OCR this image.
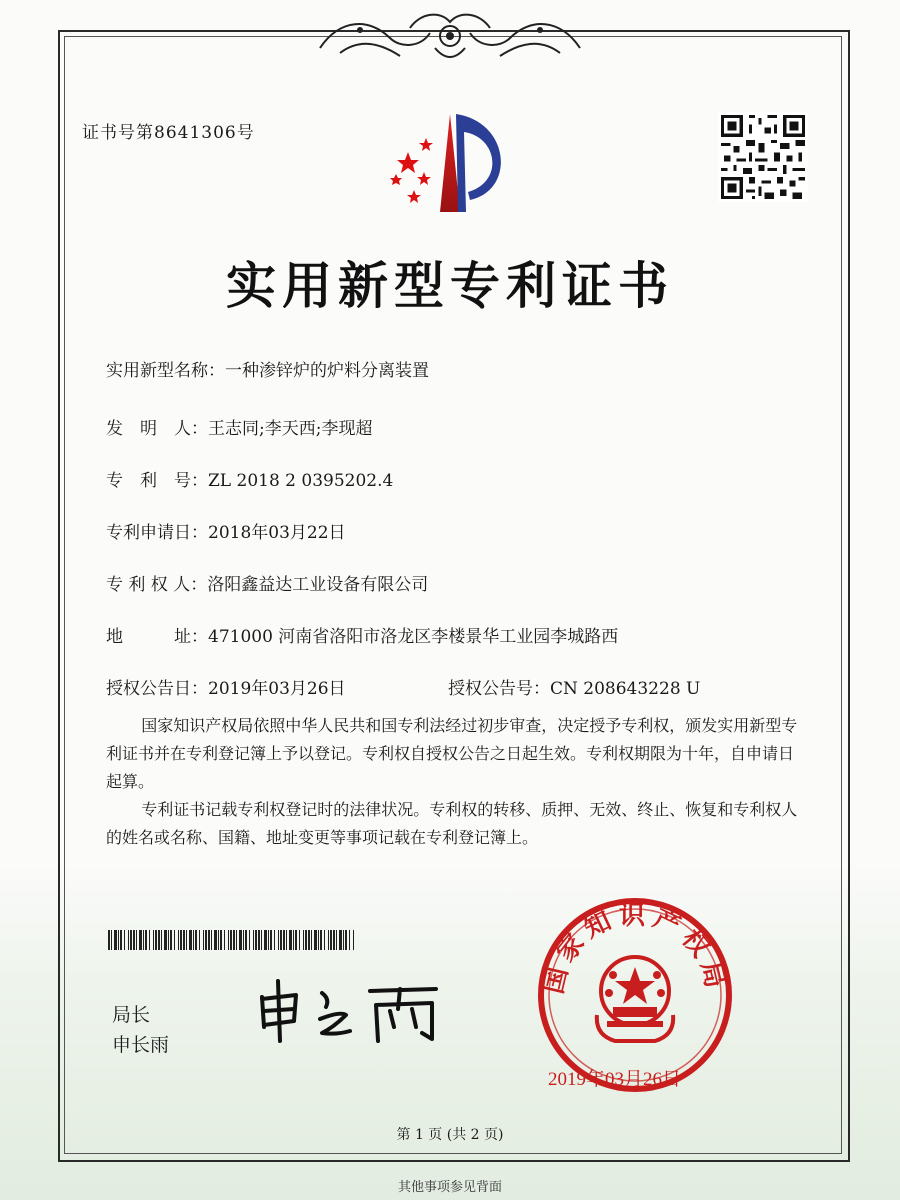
证书号第8641306号
实用新型专利证书
实用新型名称：一种渗锌炉的炉料分离装置
发　明　人：王志同;李天西;李现超
专　利　号：ZL 2018 2 0395202.4
专利申请日：2018年03月22日
专 利 权 人：洛阳鑫益达工业设备有限公司
地　　　址：471000 河南省洛阳市洛龙区李楼景华工业园李城路西
授权公告日：2019年03月26日	授权公告号：CN 208643228 U

国家知识产权局依照中华人民共和国专利法经过初步审查，决定授予专利权，颁发实用新型专利证书并在专利登记簿上予以登记。专利权自授权公告之日起生效。专利权期限为十年，自申请日起算。

专利证书记载专利权登记时的法律状况。专利权的转移、质押、无效、终止、恢复和专利权人的姓名或名称、国籍、地址变更等事项记载在专利登记簿上。

局长
申长雨
国家知识产权局
2019年03月26日
第 1 页 (共 2 页)
其他事项参见背面
